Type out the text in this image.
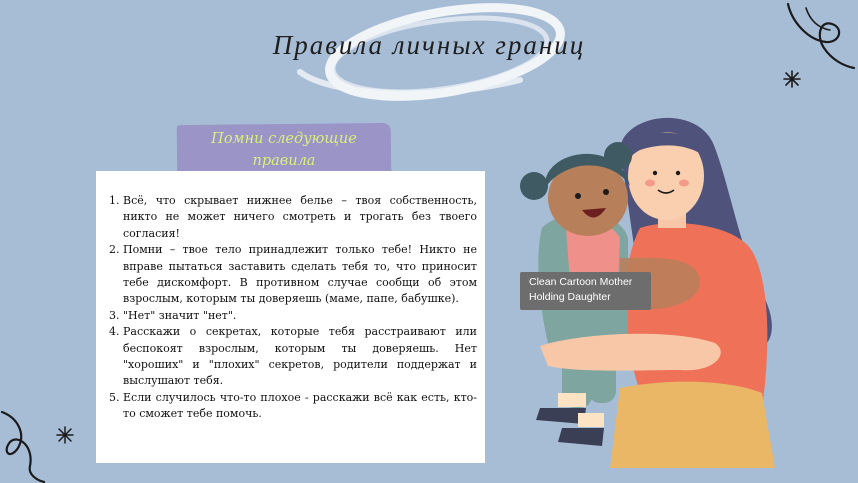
Правила личных границ
Помни следующие
правила
1. Всё, что скрывает нижнее белье – твоя собственность, никто не может ничего смотреть и трогать без твоего согласия!
2. Помни – твое тело принадлежит только тебе! Никто не вправе пытаться заставить сделать тебя то, что приносит тебе дискомфорт. В противном случае сообщи об этом взрослым, которым ты доверяешь (маме, папе, бабушке).
3. "Нет" значит "нет".
4. Расскажи о секретах, которые тебя расстраивают или беспокоят взрослым, которым ты доверяешь. Нет "хороших" и "плохих" секретов, родители поддержат и выслушают тебя.
5. Если случилось что-то плохое - расскажи всё как есть, кто-то сможет тебе помочь.
Clean Cartoon Mother
Holding Daughter
